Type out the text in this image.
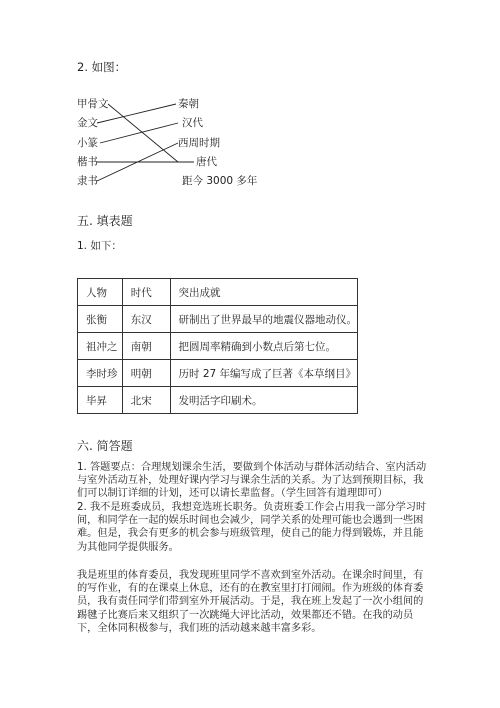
2. 如图：
甲骨文
金文
小篆
楷书
隶书
秦朝
汉代
西周时期
唐代
距今 3000 多年
五. 填表题
1. 如下：
人物	时代	突出成就
张衡	东汉	研制出了世界最早的地震仪器地动仪。
祖冲之	南朝	把圆周率精确到小数点后第七位。
李时珍	明朝	历时 27 年编写成了巨著《本草纲目》
毕昇	北宋	发明活字印刷术。
六. 简答题
1. 答题要点：合理规划课余生活，要做到个体活动与群体活动结合、室内活动
与室外活动互补，处理好课内学习与课余生活的关系。为了达到预期目标，我
们可以制订详细的计划，还可以请长辈监督。（学生回答有道理即可）
2. 我不是班委成员，我想竞选班长职务。负责班委工作会占用我一部分学习时
间，和同学在一起的娱乐时间也会减少，同学关系的处理可能也会遇到一些困
难。但是，我会有更多的机会参与班级管理，使自己的能力得到锻炼，并且能
为其他同学提供服务。
我是班里的体育委员，我发现班里同学不喜欢到室外活动。在课余时间里，有
的写作业，有的在课桌上休息，还有的在教室里打打闹闹。作为班级的体育委
员，我有责任同学们带到室外开展活动。于是，我在班上发起了一次小组间的
踢毽子比赛后来又组织了一次跳绳大评比活动，效果都还不错。在我的动员
下，全体同积极参与，我们班的活动越来越丰富多彩。
